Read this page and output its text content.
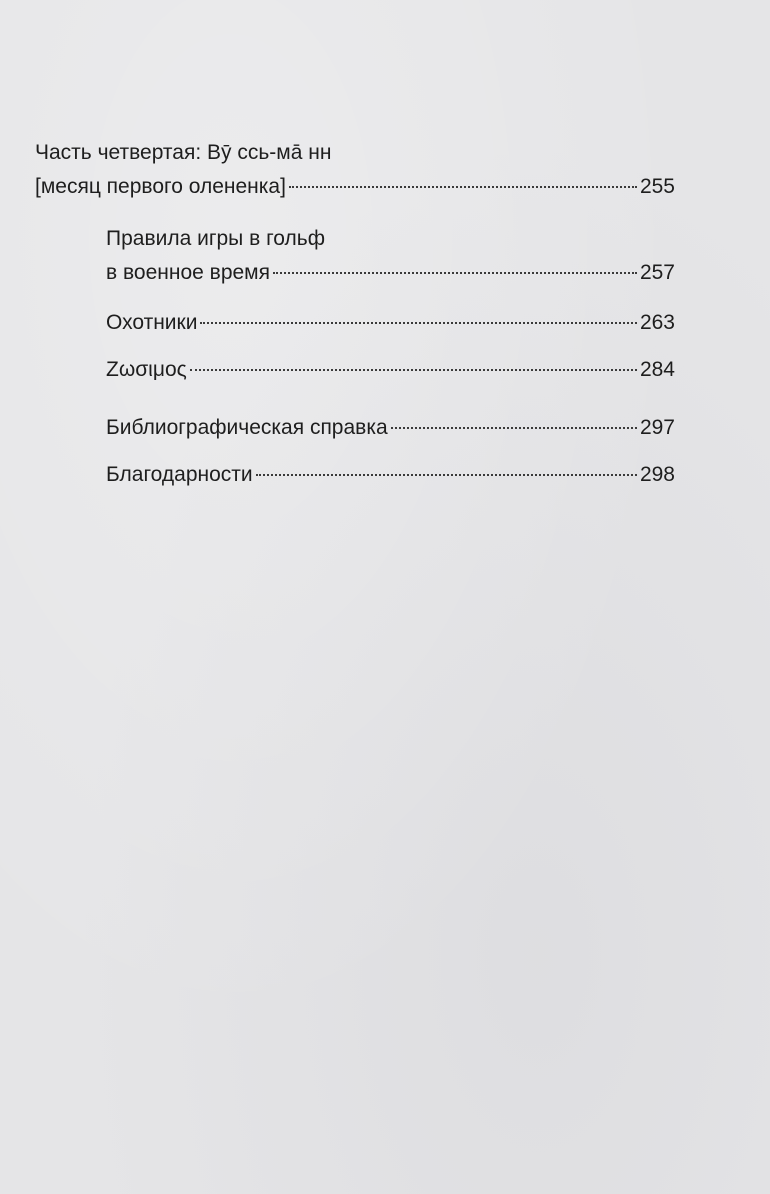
Часть четвертая: Вӯ ссь-мā нн
[месяц первого олененка]	255
Правила игры в гольф
в военное время	257
Охотники	263
Ζωσιμος	284
Библиографическая справка	297
Благодарности	298
